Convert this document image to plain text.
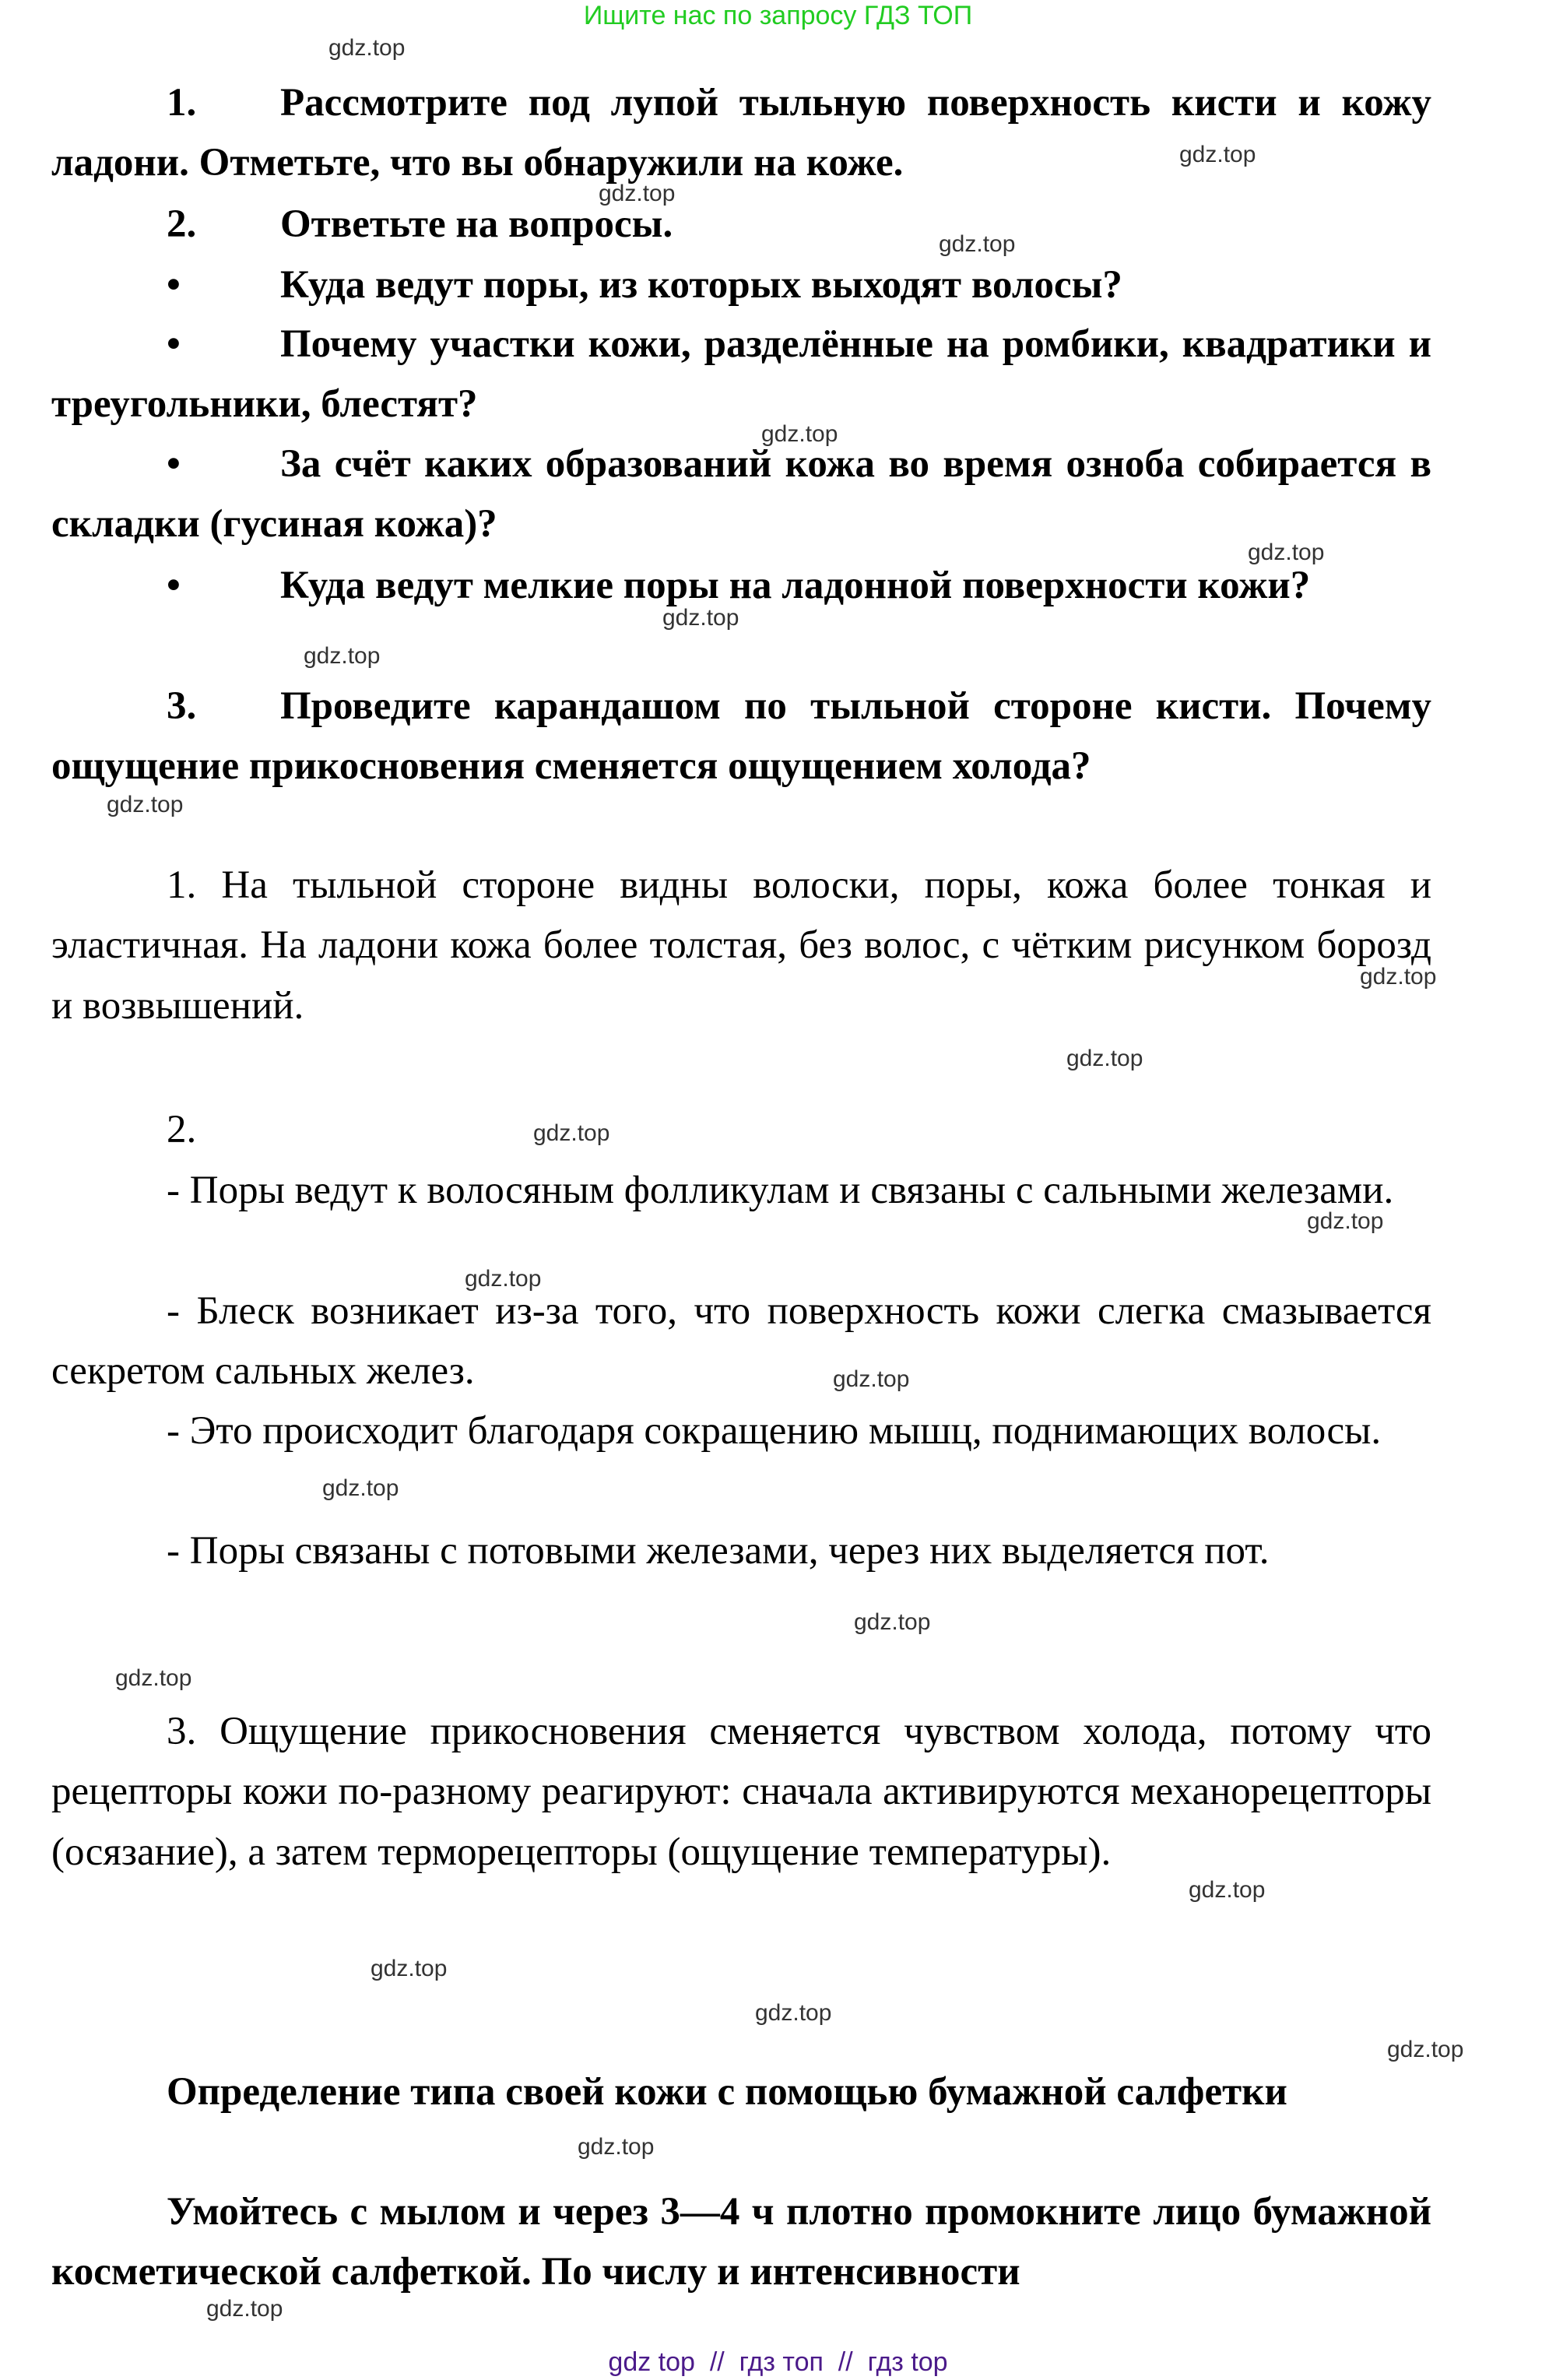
Ищите нас по запросу ГДЗ ТОП

1. Рассмотрите под лупой тыльную поверхность кисти и кожу ладони. Отметьте, что вы обнаружили на коже.

2. Ответьте на вопросы.

•	Куда ведут поры, из которых выходят волосы?

•	Почему участки кожи, разделённые на ромбики, квадратики и треугольники, блестят?

•	За счёт каких образований кожа во время озноба собирается в складки (гусиная кожа)?

•	Куда ведут мелкие поры на ладонной поверхности кожи?

3. Проведите карандашом по тыльной стороне кисти. Почему ощущение прикосновения сменяется ощущением холода?

1. На тыльной стороне видны волоски, поры, кожа более тонкая и эластичная. На ладони кожа более толстая, без волос, с чётким рисунком борозд и возвышений.

2.

- Поры ведут к волосяным фолликулам и связаны с сальными железами.

- Блеск возникает из-за того, что поверхность кожи слегка смазывается секретом сальных желез.

- Это происходит благодаря сокращению мышц, поднимающих волосы.

- Поры связаны с потовыми железами, через них выделяется пот.

3. Ощущение прикосновения сменяется чувством холода, потому что рецепторы кожи по-разному реагируют: сначала активируются механорецепторы (осязание), а затем терморецепторы (ощущение температуры).

Определение типа своей кожи с помощью бумажной салфетки

Умойтесь с мылом и через 3—4 ч плотно промокните лицо бумажной косметической салфеткой. По числу и интенсивности

gdz.top
gdz.top
gdz.top
gdz.top
gdz.top
gdz.top
gdz.top
gdz.top
gdz.top
gdz.top
gdz.top
gdz.top
gdz.top
gdz.top
gdz.top
gdz.top
gdz.top
gdz.top
gdz.top
gdz.top
gdz.top
gdz.top
gdz.top
gdz.top
gdz top  //  гдз топ  //  гдз top
